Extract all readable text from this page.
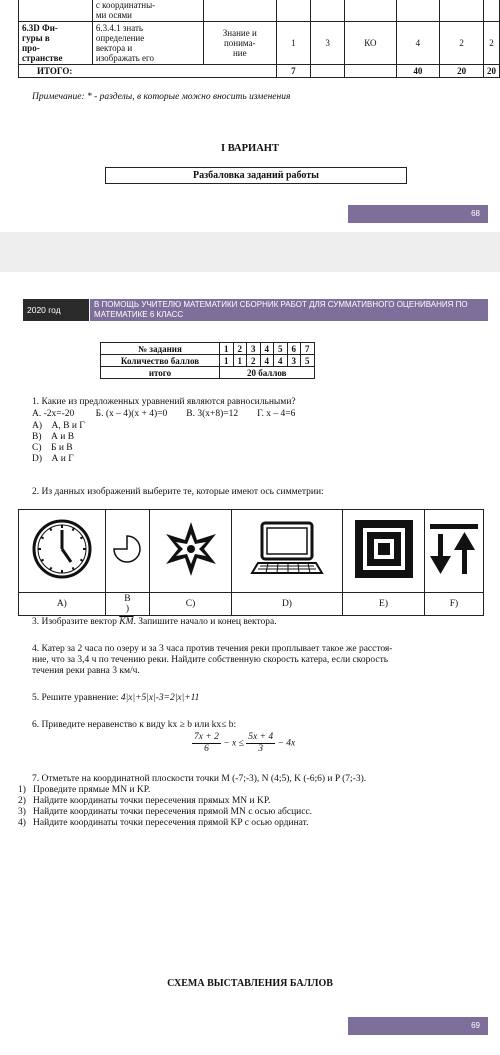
	с координатны-
ми осями							
6.3D Фи-
гуры в
про-
странстве	6.3.4.1 знать
определение
вектора и
изображать его	Знание и
понима-
ние	1	3	КО	4	2	2
ИТОГО:			7			40	20	20
Примечание: * - разделы, в которые можно вносить изменения
I ВАРИАНТ
Разбаловка заданий работы
68
2020 год
В ПОМОЩЬ УЧИТЕЛЮ МАТЕМАТИКИ СБОРНИК РАБОТ ДЛЯ СУММАТИВНОГО ОЦЕНИВАНИЯ ПО МАТЕМАТИКЕ 6 КЛАСС
№ задания	1	2	3	4	5	6	7
Количество баллов	1	1	2	4	4	3	5
итого	20 баллов						
1. Какие из предложенных уравнений являются равносильными?
А. -2х=-20         Б. (х – 4)(х + 4)=0        В. 3(х+8)=12        Г. х – 4=6
A)    А, В и Г
B)    А и В
C)    Б и В
D)    А и Г
2. Из данных изображений выберите те, которые имеют ось симметрии:

A)	B
)	C)	D)	E)	F)
3. Изобразите вектор $\overline{KM}$. Запишите начало и конец вектора.
4. Катер за 2 часа по озеру и за 3 часа против течения реки проплывает такое же расстоя-
ние, что за 3,4 ч по течению реки. Найдите собственную скорость катера, если скорость
течения реки равна 3 км/ч.
5. Решите уравнение: 4|x|+5|x|-3=2|x|+11
6. Приведите неравенство к виду kx ≥ b или kx≤ b:
$\frac{7x + 2}{6} - x \le \frac{5x + 4}{3} - 4x$
7. Отметьте на координатной плоскости точки M (-7;-3), N (4;5), K (-6;6) и P (7;-3).
1)   Проведите прямые MN и KP.
2)   Найдите координаты точки пересечения прямых MN и KP.
3)   Найдите координаты точки пересечения прямой MN с осью абсцисс.
4)   Найдите координаты точки пересечения прямой KP с осью ординат.
СХЕМА ВЫСТАВЛЕНИЯ БАЛЛОВ
69
